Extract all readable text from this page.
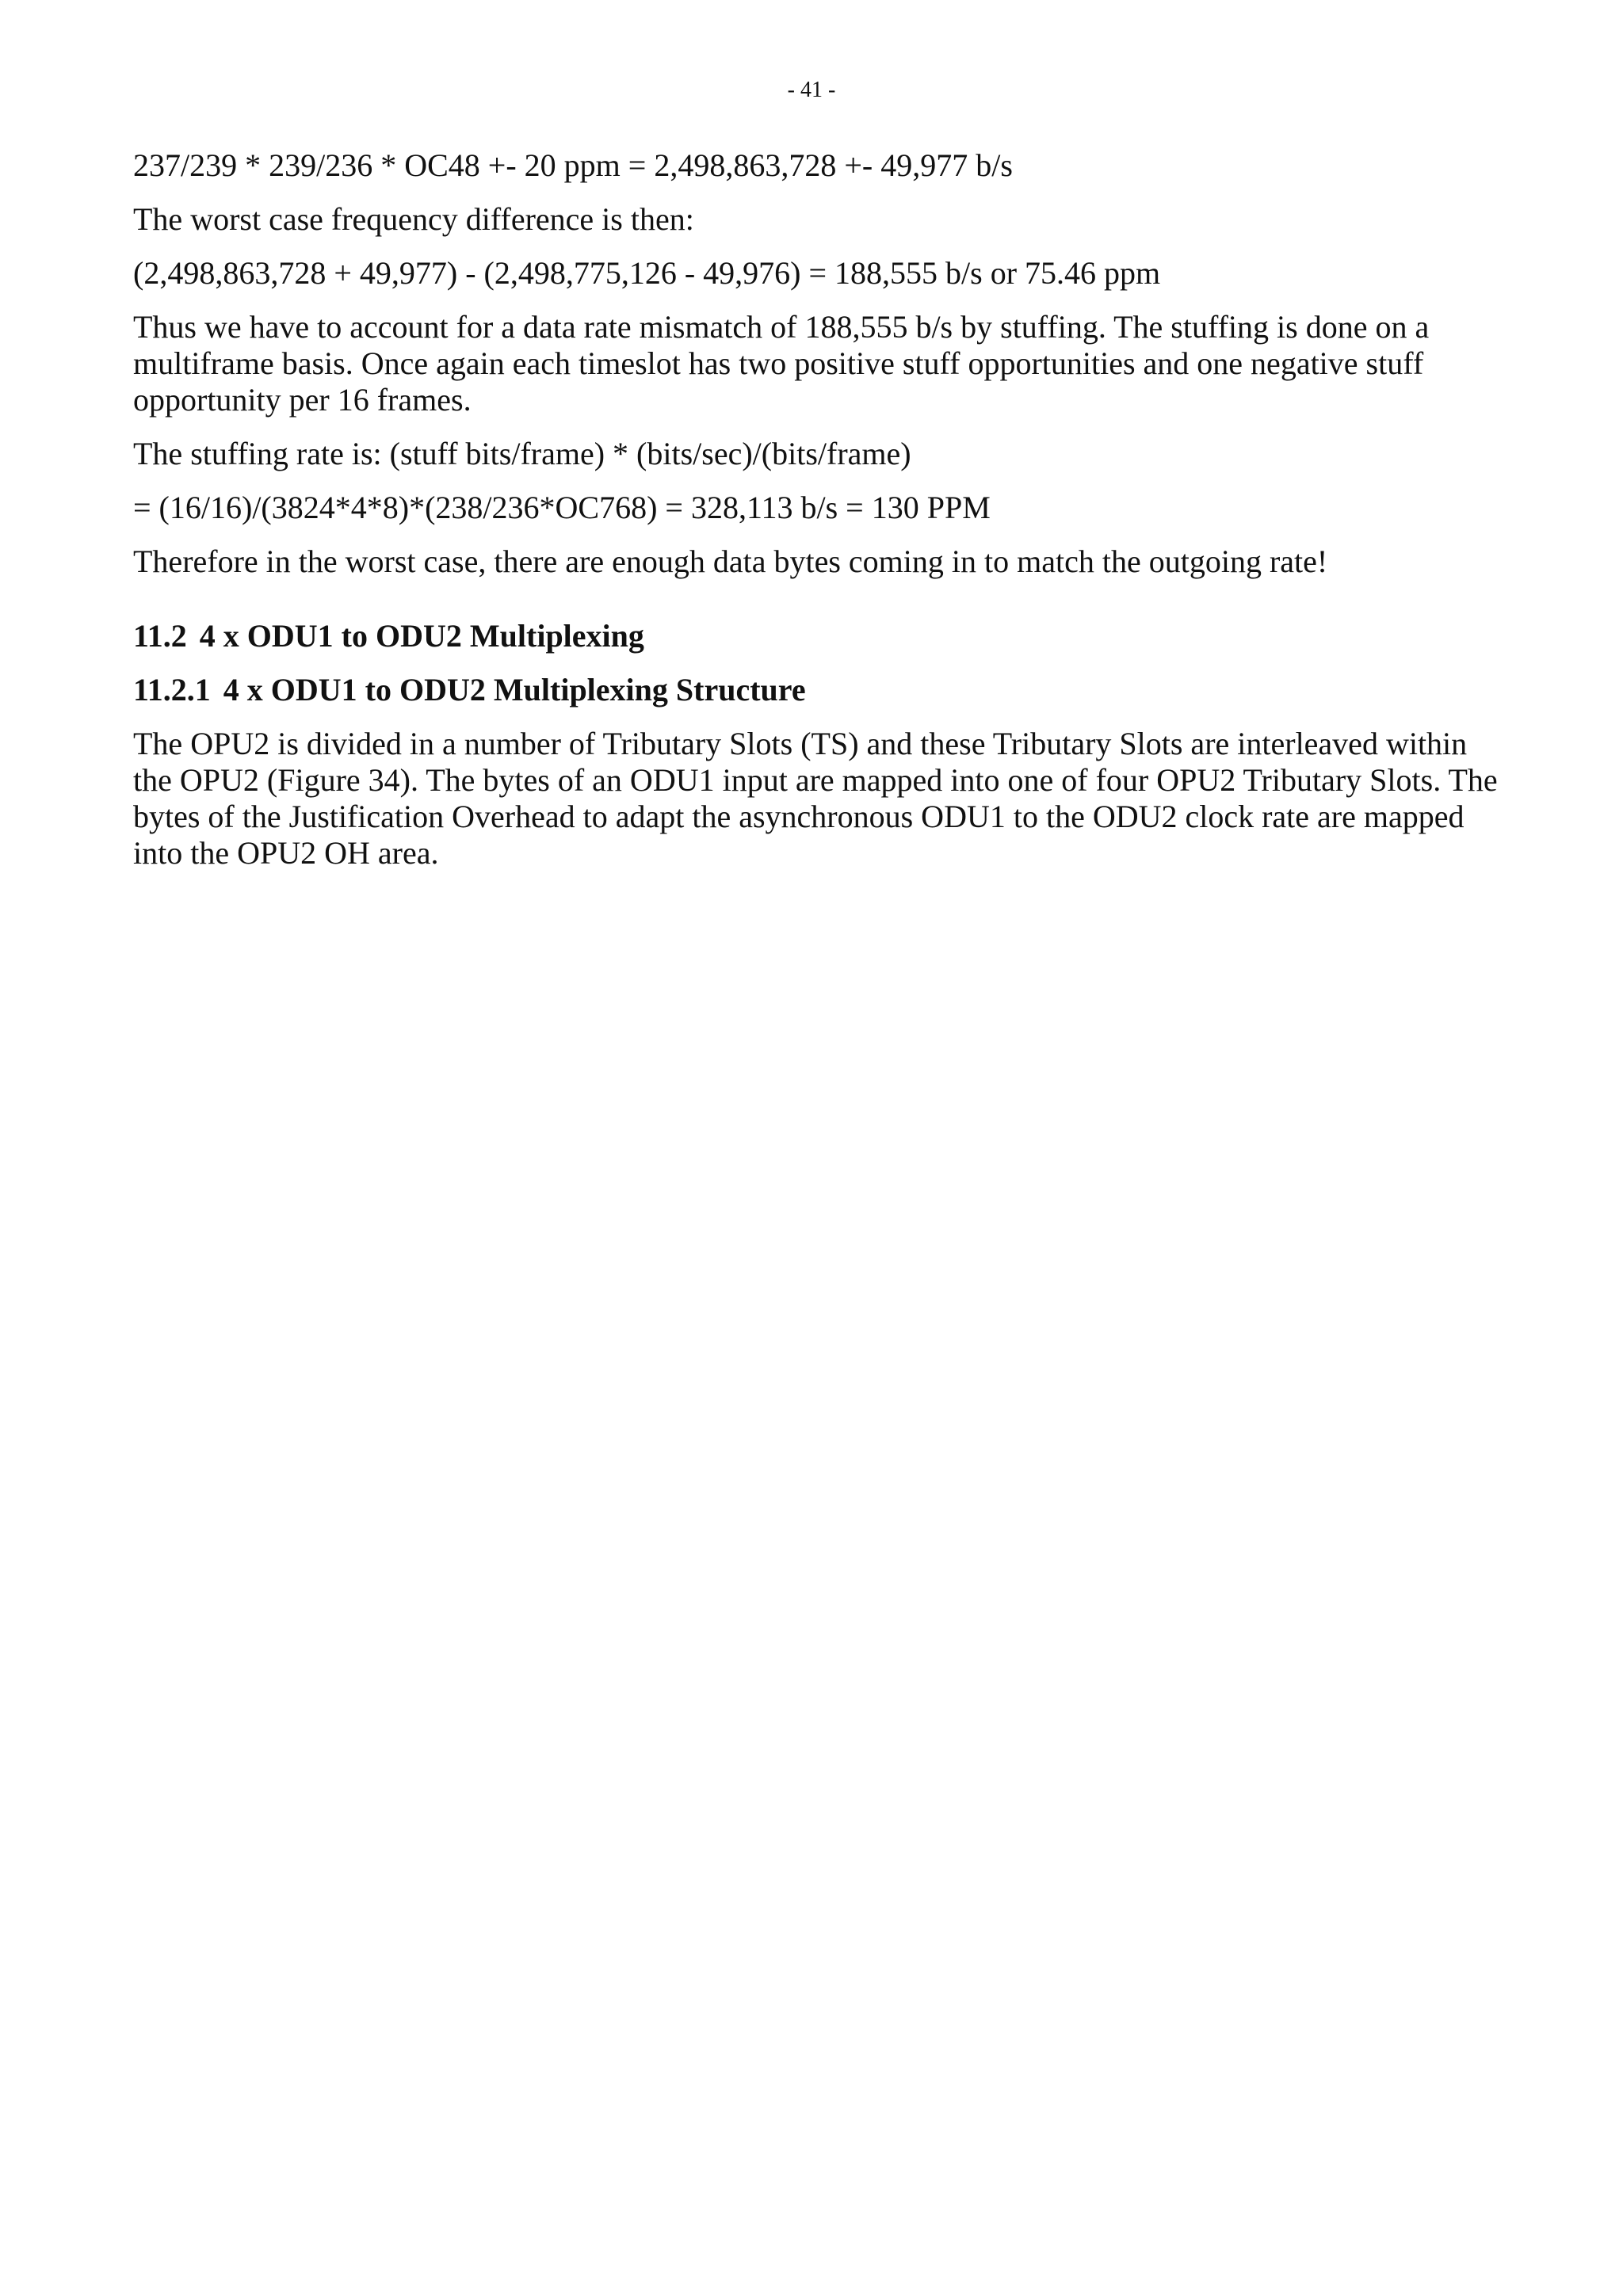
- 41 -

237/239 * 239/236 * OC48 +- 20 ppm = 2,498,863,728 +- 49,977 b/s

The worst case frequency difference is then:

(2,498,863,728 + 49,977) - (2,498,775,126 - 49,976) = 188,555 b/s or 75.46 ppm

Thus we have to account for a data rate mismatch of 188,555 b/s by stuffing. The stuffing is done on a multiframe basis. Once again each timeslot has two positive stuff opportunities and one negative stuff opportunity per 16 frames.

The stuffing rate is: (stuff bits/frame) * (bits/sec)/(bits/frame)

= (16/16)/(3824*4*8)*(238/236*OC768) = 328,113 b/s = 130 PPM

Therefore in the worst case, there are enough data bytes coming in to match the outgoing rate!

11.2 4 x ODU1 to ODU2 Multiplexing
11.2.1 4 x ODU1 to ODU2 Multiplexing Structure

The OPU2 is divided in a number of Tributary Slots (TS) and these Tributary Slots are interleaved within the OPU2 (Figure 34). The bytes of an ODU1 input are mapped into one of four OPU2 Tributary Slots. The bytes of the Justification Overhead to adapt the asynchronous ODU1 to the ODU2 clock rate are mapped into the OPU2 OH area.
